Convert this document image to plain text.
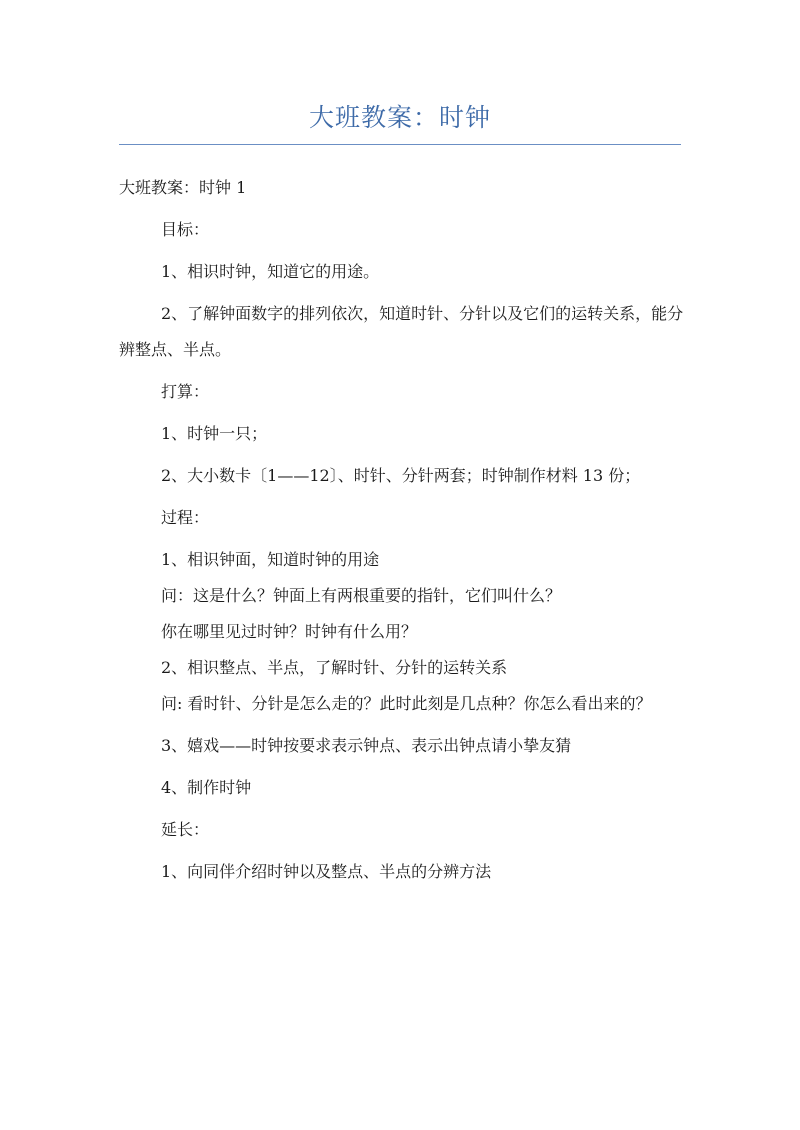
大班教案：时钟

大班教案：时钟 1

目标：

1、相识时钟，知道它的用途。

2、了解钟面数字的排列依次，知道时针、分针以及它们的运转关系，能分辨整点、半点。

打算：

1、时钟一只；

2、大小数卡〔1——12〕、时针、分针两套；时钟制作材料 13 份；

过程：

1、相识钟面，知道时钟的用途

问：这是什么？钟面上有两根重要的指针，它们叫什么？

你在哪里见过时钟？时钟有什么用？

2、相识整点、半点，了解时针、分针的运转关系

问: 看时针、分针是怎么走的？此时此刻是几点种？你怎么看出来的？

3、嬉戏——时钟按要求表示钟点、表示出钟点请小挚友猜

4、制作时钟

延长：

1、向同伴介绍时钟以及整点、半点的分辨方法
